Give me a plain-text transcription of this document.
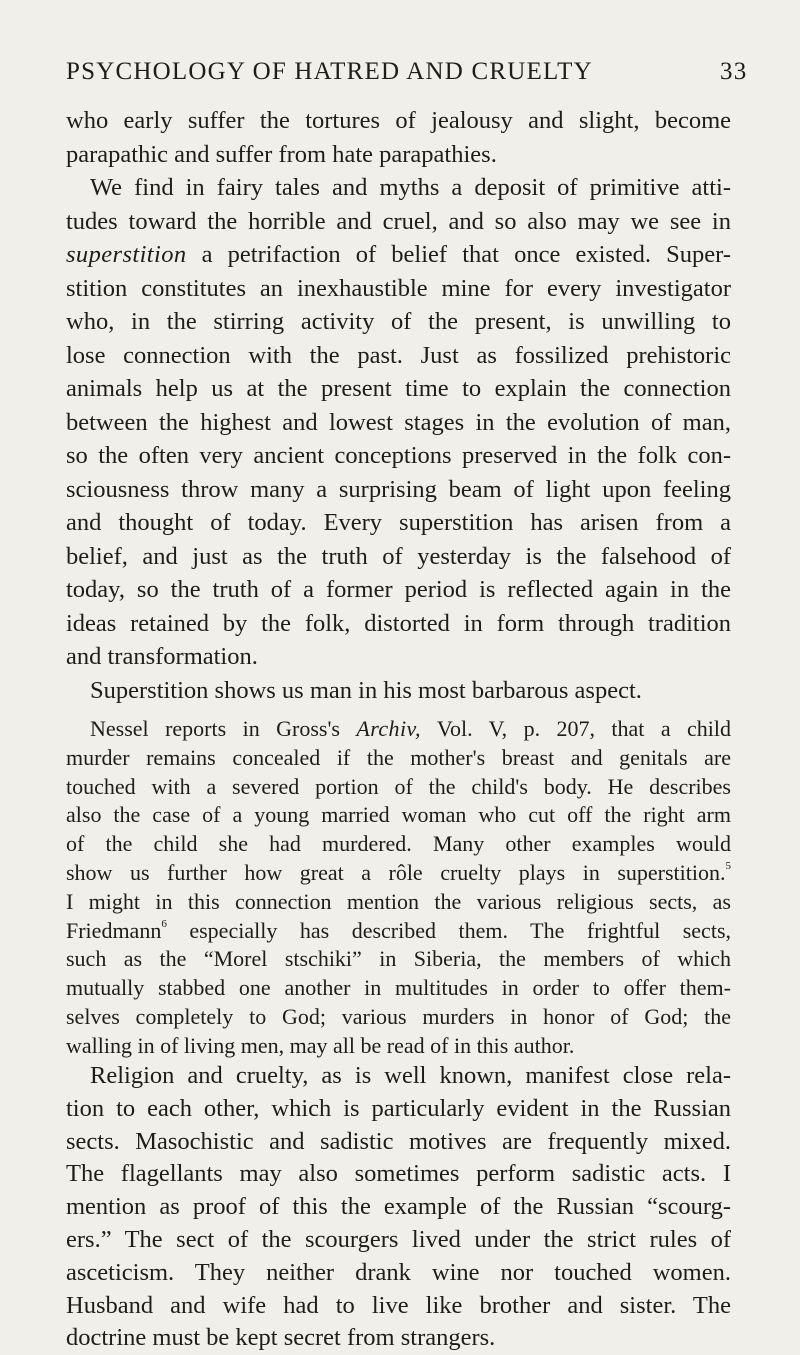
PSYCHOLOGY OF HATRED AND CRUELTY	33
who early suffer the tortures of jealousy and slight, become
parapathic and suffer from hate parapathies.
We find in fairy tales and myths a deposit of primitive atti-
tudes toward the horrible and cruel, and so also may we see in
superstition a petrifaction of belief that once existed. Super-
stition constitutes an inexhaustible mine for every investigator
who, in the stirring activity of the present, is unwilling to
lose connection with the past. Just as fossilized prehistoric
animals help us at the present time to explain the connection
between the highest and lowest stages in the evolution of man,
so the often very ancient conceptions preserved in the folk con-
sciousness throw many a surprising beam of light upon feeling
and thought of today. Every superstition has arisen from a
belief, and just as the truth of yesterday is the falsehood of
today, so the truth of a former period is reflected again in the
ideas retained by the folk, distorted in form through tradition
and transformation.
Superstition shows us man in his most barbarous aspect.
Nessel reports in Gross's Archiv, Vol. V, p. 207, that a child
murder remains concealed if the mother's breast and genitals are
touched with a severed portion of the child's body. He describes
also the case of a young married woman who cut off the right arm
of the child she had murdered. Many other examples would
show us further how great a rôle cruelty plays in superstition.$^5$
I might in this connection mention the various religious sects, as
Friedmann$^6$ especially has described them. The frightful sects,
such as the “Morel stschiki” in Siberia, the members of which
mutually stabbed one another in multitudes in order to offer them-
selves completely to God; various murders in honor of God; the
walling in of living men, may all be read of in this author.
Religion and cruelty, as is well known, manifest close rela-
tion to each other, which is particularly evident in the Russian
sects. Masochistic and sadistic motives are frequently mixed.
The flagellants may also sometimes perform sadistic acts. I
mention as proof of this the example of the Russian “scourg-
ers.” The sect of the scourgers lived under the strict rules of
asceticism. They neither drank wine nor touched women.
Husband and wife had to live like brother and sister. The
doctrine must be kept secret from strangers.
